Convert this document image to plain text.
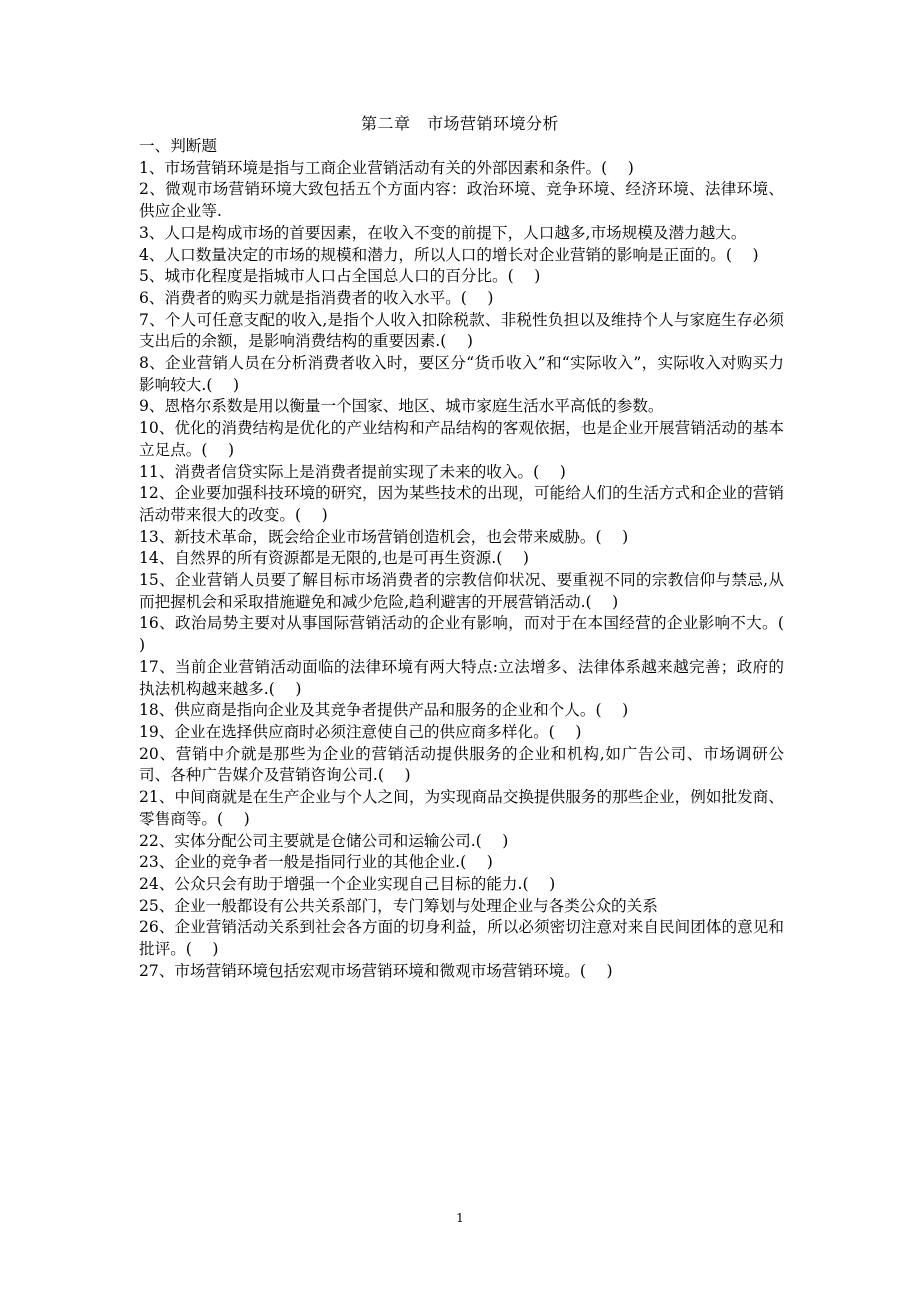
第二章　市场营销环境分析

一、判断题

1、市场营销环境是指与工商企业营销活动有关的外部因素和条件。(　 )

2、微观市场营销环境大致包括五个方面内容：政治环境、竞争环境、经济环境、法律环境、供应企业等.

3、人口是构成市场的首要因素，在收入不变的前提下，人口越多,市场规模及潜力越大。

4、人口数量决定的市场的规模和潜力，所以人口的增长对企业营销的影响是正面的。(　 )

5、城市化程度是指城市人口占全国总人口的百分比。(　 )

6、消费者的购买力就是指消费者的收入水平。(　 )

7、个人可任意支配的收入,是指个人收入扣除税款、非税性负担以及维持个人与家庭生存必须支出后的余额，是影响消费结构的重要因素.(　 )

8、企业营销人员在分析消费者收入时，要区分“货币收入”和“实际收入”，实际收入对购买力影响较大.(　 )

9、恩格尔系数是用以衡量一个国家、地区、城市家庭生活水平高低的参数。

10、优化的消费结构是优化的产业结构和产品结构的客观依据，也是企业开展营销活动的基本立足点。(　 )

11、消费者信贷实际上是消费者提前实现了未来的收入。(　 )

12、企业要加强科技环境的研究，因为某些技术的出现，可能给人们的生活方式和企业的营销活动带来很大的改变。(　 )

13、新技术革命，既会给企业市场营销创造机会，也会带来威胁。(　 )

14、自然界的所有资源都是无限的,也是可再生资源.(　 )

15、企业营销人员要了解目标市场消费者的宗教信仰状况、要重视不同的宗教信仰与禁忌,从而把握机会和采取措施避免和减少危险,趋利避害的开展营销活动.(　 )

16、政治局势主要对从事国际营销活动的企业有影响，而对于在本国经营的企业影响不大。(　 )

17、当前企业营销活动面临的法律环境有两大特点:立法增多、法律体系越来越完善；政府的执法机构越来越多.(　 )

18、供应商是指向企业及其竞争者提供产品和服务的企业和个人。(　 )

19、企业在选择供应商时必须注意使自己的供应商多样化。(　 )

20、营销中介就是那些为企业的营销活动提供服务的企业和机构,如广告公司、市场调研公司、各种广告媒介及营销咨询公司.(　 )

21、中间商就是在生产企业与个人之间，为实现商品交换提供服务的那些企业，例如批发商、零售商等。(　 )

22、实体分配公司主要就是仓储公司和运输公司.(　 )

23、企业的竞争者一般是指同行业的其他企业.(　 )

24、公众只会有助于增强一个企业实现自己目标的能力.(　 )

25、企业一般都设有公共关系部门，专门筹划与处理企业与各类公众的关系

26、企业营销活动关系到社会各方面的切身利益，所以必须密切注意对来自民间团体的意见和批评。(　 )

27、市场营销环境包括宏观市场营销环境和微观市场营销环境。(　 )

1
